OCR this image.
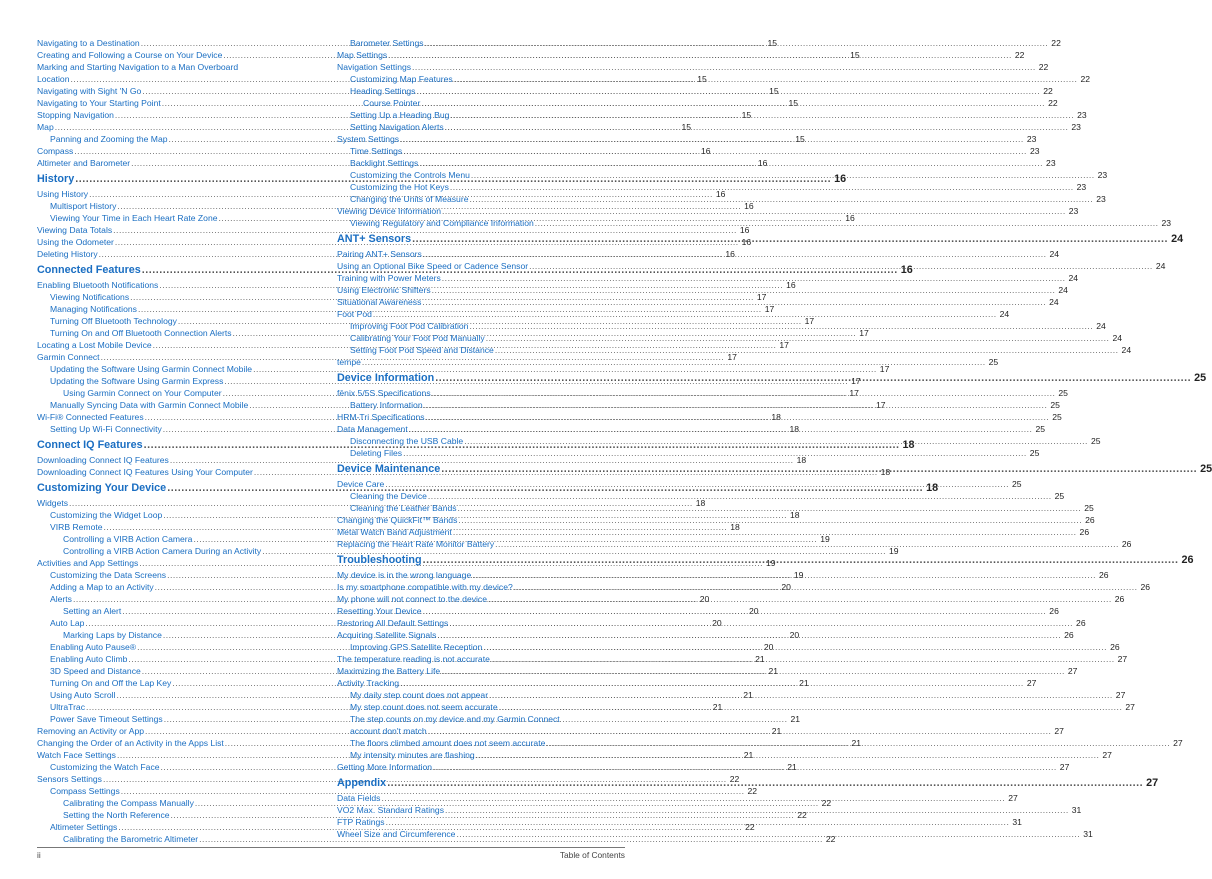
Navigating to a Destination .....	15
Creating and Following a Course on Your Device .....	15
Marking and Starting Navigation to a Man Overboard
Location .....	15
Navigating with Sight 'N Go .....	15
Navigating to Your Starting Point .....	15
Stopping Navigation .....	15
Map .....	15
Panning and Zooming the Map .....	15
Compass .....	16
Altimeter and Barometer .....	16
History .....	16
Using History .....	16
Multisport History .....	16
Viewing Your Time in Each Heart Rate Zone .....	16
Viewing Data Totals .....	16
Using the Odometer .....	16
Deleting History .....	16
Connected Features .....	16
Enabling Bluetooth Notifications .....	16
Viewing Notifications .....	17
Managing Notifications .....	17
Turning Off Bluetooth Technology .....	17
Turning On and Off Bluetooth Connection Alerts .....	17
Locating a Lost Mobile Device .....	17
Garmin Connect .....	17
Updating the Software Using Garmin Connect Mobile .....	17
Updating the Software Using Garmin Express .....	17
Using Garmin Connect on Your Computer .....	17
Manually Syncing Data with Garmin Connect Mobile .....	17
Wi-Fi® Connected Features .....	18
Setting Up Wi-Fi Connectivity .....	18
Connect IQ Features .....	18
Downloading Connect IQ Features .....	18
Downloading Connect IQ Features Using Your Computer .....	18
Customizing Your Device .....	18
Widgets .....	18
Customizing the Widget Loop .....	18
VIRB Remote .....	18
Controlling a VIRB Action Camera .....	19
Controlling a VIRB Action Camera During an Activity .....	19
Activities and App Settings .....	19
Customizing the Data Screens .....	19
Adding a Map to an Activity .....	20
Alerts .....	20
Setting an Alert .....	20
Auto Lap .....	20
Marking Laps by Distance .....	20
Enabling Auto Pause® .....	20
Enabling Auto Climb .....	21
3D Speed and Distance .....	21
Turning On and Off the Lap Key .....	21
Using Auto Scroll .....	21
UltraTrac .....	21
Power Save Timeout Settings .....	21
Removing an Activity or App .....	21
Changing the Order of an Activity in the Apps List .....	21
Watch Face Settings .....	21
Customizing the Watch Face .....	21
Sensors Settings .....	22
Compass Settings .....	22
Calibrating the Compass Manually .....	22
Setting the North Reference .....	22
Altimeter Settings .....	22
Calibrating the Barometric Altimeter .....	22
Barometer Settings .....	22
Map Settings .....	22
Navigation Settings .....	22
Customizing Map Features .....	22
Heading Settings .....	22
Course Pointer .....	22
Setting Up a Heading Bug .....	23
Setting Navigation Alerts .....	23
System Settings .....	23
Time Settings .....	23
Backlight Settings .....	23
Customizing the Controls Menu .....	23
Customizing the Hot Keys .....	23
Changing the Units of Measure .....	23
Viewing Device Information .....	23
Viewing Regulatory and Compliance Information .....	23
ANT+ Sensors .....	24
Pairing ANT+ Sensors .....	24
Using an Optional Bike Speed or Cadence Sensor .....	24
Training with Power Meters .....	24
Using Electronic Shifters .....	24
Situational Awareness .....	24
Foot Pod .....	24
Improving Foot Pod Calibration .....	24
Calibrating Your Foot Pod Manually .....	24
Setting Foot Pod Speed and Distance .....	24
tempe .....	25
Device Information .....	25
fēnix 5/5S Specifications .....	25
Battery Information .....	25
HRM-Tri Specifications .....	25
Data Management .....	25
Disconnecting the USB Cable .....	25
Deleting Files .....	25
Device Maintenance .....	25
Device Care .....	25
Cleaning the Device .....	25
Cleaning the Leather Bands .....	25
Changing the QuickFit™ Bands .....	26
Metal Watch Band Adjustment .....	26
Replacing the Heart Rate Monitor Battery .....	26
Troubleshooting .....	26
My device is in the wrong language .....	26
Is my smartphone compatible with my device? .....	26
My phone will not connect to the device .....	26
Resetting Your Device .....	26
Restoring All Default Settings .....	26
Acquiring Satellite Signals .....	26
Improving GPS Satellite Reception .....	26
The temperature reading is not accurate .....	27
Maximizing the Battery Life .....	27
Activity Tracking .....	27
My daily step count does not appear .....	27
My step count does not seem accurate .....	27
The step counts on my device and my Garmin Connect
account don't match .....	27
The floors climbed amount does not seem accurate .....	27
My intensity minutes are flashing .....	27
Getting More Information .....	27
Appendix .....	27
Data Fields .....	27
VO2 Max. Standard Ratings .....	31
FTP Ratings .....	31
Wheel Size and Circumference .....	31
ii	Table of Contents
